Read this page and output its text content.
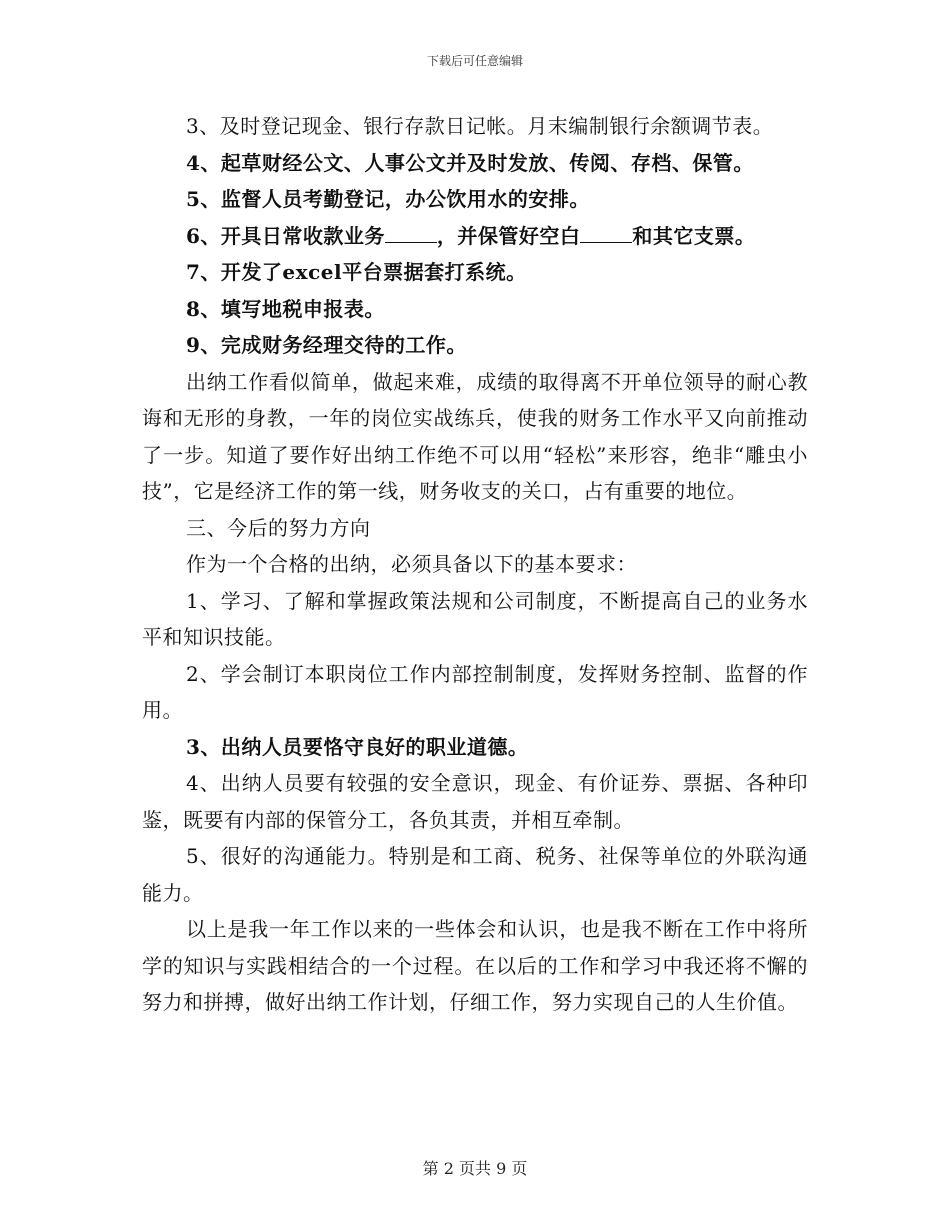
下载后可任意编辑

3、及时登记现金、银行存款日记帐。月末编制银行余额调节表。

4、起草财经公文、人事公文并及时发放、传阅、存档、保管。

5、监督人员考勤登记，办公饮用水的安排。

6、开具日常收款业务	，并保管好空白	和其它支票。

7、开发了excel平台票据套打系统。

8、填写地税申报表。

9、完成财务经理交待的工作。

出纳工作看似简单，做起来难，成绩的取得离不开单位领导的耐心教诲和无形的身教，一年的岗位实战练兵，使我的财务工作水平又向前推动了一步。知道了要作好出纳工作绝不可以用“轻松”来形容，绝非“雕虫小技”，它是经济工作的第一线，财务收支的关口，占有重要的地位。

三、今后的努力方向

作为一个合格的出纳，必须具备以下的基本要求：

1、学习、了解和掌握政策法规和公司制度，不断提高自己的业务水平和知识技能。

2、学会制订本职岗位工作内部控制制度，发挥财务控制、监督的作用。

3、出纳人员要恪守良好的职业道德。

4、出纳人员要有较强的安全意识，现金、有价证券、票据、各种印鉴，既要有内部的保管分工，各负其责，并相互牵制。

5、很好的沟通能力。特别是和工商、税务、社保等单位的外联沟通能力。

以上是我一年工作以来的一些体会和认识，也是我不断在工作中将所学的知识与实践相结合的一个过程。在以后的工作和学习中我还将不懈的努力和拼搏，做好出纳工作计划，仔细工作，努力实现自己的人生价值。

第 2 页共 9 页
